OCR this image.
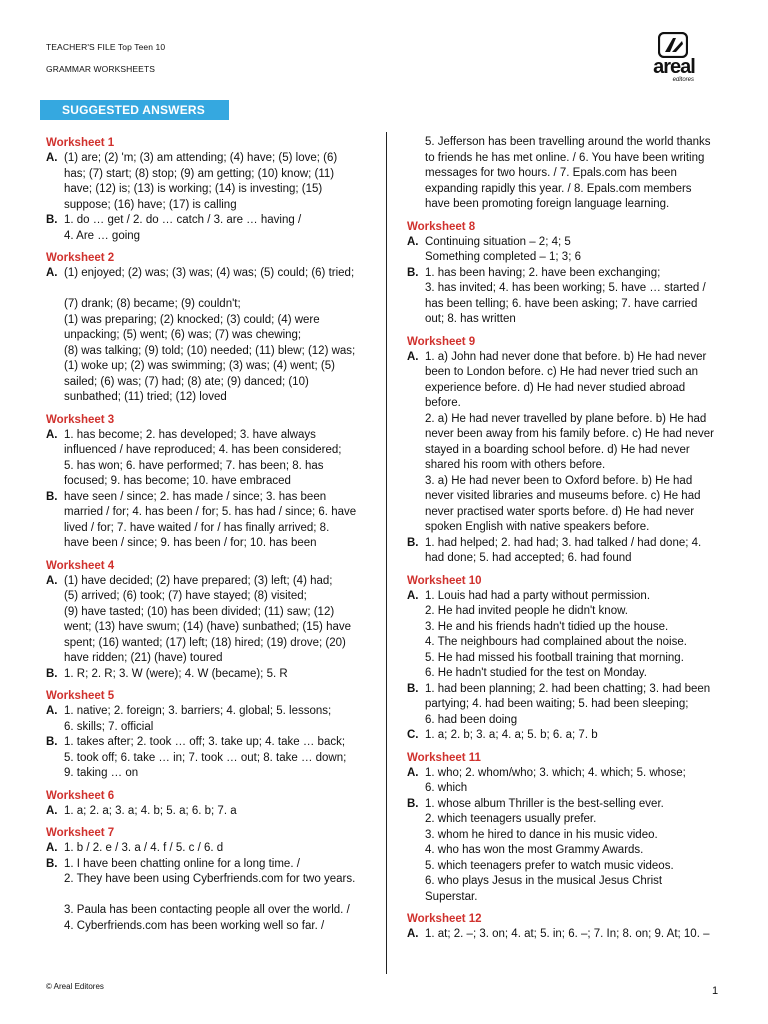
TEACHER'S FILE Top Teen 10
GRAMMAR WORKSHEETS	areal
editores
SUGGESTED ANSWERS
Worksheet 1
A. (1) are; (2) 'm; (3) am attending; (4) have; (5) love; (6)
has; (7) start; (8) stop; (9) am getting; (10) know; (11)
have; (12) is; (13) is working; (14) is investing; (15)
suppose; (16) have; (17) is calling
B. 1. do … get / 2. do … catch / 3. are … having /
4. Are … going
Worksheet 2
A. (1) enjoyed; (2) was; (3) was; (4) was; (5) could; (6) tried;
(7) drank; (8) became; (9) couldn't;
(1) was preparing; (2) knocked; (3) could; (4) were
unpacking; (5) went; (6) was; (7) was chewing;
(8) was talking; (9) told; (10) needed; (11) blew; (12) was;
(1) woke up; (2) was swimming; (3) was; (4) went; (5)
sailed; (6) was; (7) had; (8) ate; (9) danced; (10)
sunbathed; (11) tried; (12) loved
Worksheet 3
A. 1. has become; 2. has developed; 3. have always
influenced / have reproduced; 4. has been considered;
5. has won; 6. have performed; 7. has been; 8. has
focused; 9. has become; 10. have embraced
B. have seen / since; 2. has made / since; 3. has been
married / for; 4. has been / for; 5. has had / since; 6. have
lived / for; 7. have waited / for / has finally arrived; 8.
have been / since; 9. has been / for; 10. has been
Worksheet 4
A. (1) have decided; (2) have prepared; (3) left; (4) had;
(5) arrived; (6) took; (7) have stayed; (8) visited;
(9) have tasted; (10) has been divided; (11) saw; (12)
went; (13) have swum; (14) (have) sunbathed; (15) have
spent; (16) wanted; (17) left; (18) hired; (19) drove; (20)
have ridden; (21) (have) toured
B. 1. R; 2. R; 3. W (were); 4. W (became); 5. R
Worksheet 5
A. 1. native; 2. foreign; 3. barriers; 4. global; 5. lessons;
6. skills; 7. official
B. 1. takes after; 2. took … off; 3. take up; 4. take … back;
5. took off; 6. take … in; 7. took … out; 8. take … down;
9. taking … on
Worksheet 6
A. 1. a; 2. a; 3. a; 4. b; 5. a; 6. b; 7. a
Worksheet 7
A. 1. b / 2. e / 3. a / 4. f / 5. c / 6. d
B. 1. I have been chatting online for a long time. /
2. They have been using Cyberfriends.com for two years.
3. Paula has been contacting people all over the world. /
4. Cyberfriends.com has been working well so far. /
5. Jefferson has been travelling around the world thanks
to friends he has met online. / 6. You have been writing
messages for two hours. / 7. Epals.com has been
expanding rapidly this year. / 8. Epals.com members
have been promoting foreign language learning.
Worksheet 8
A. Continuing situation – 2; 4; 5
Something completed – 1; 3; 6
B. 1. has been having; 2. have been exchanging;
3. has invited; 4. has been working; 5. have … started /
has been telling; 6. have been asking; 7. have carried
out; 8. has written
Worksheet 9
A. 1. a) John had never done that before. b) He had never
been to London before. c) He had never tried such an
experience before. d) He had never studied abroad
before.
2. a) He had never travelled by plane before. b) He had
never been away from his family before. c) He had never
stayed in a boarding school before. d) He had never
shared his room with others before.
3. a) He had never been to Oxford before. b) He had
never visited libraries and museums before. c) He had
never practised water sports before. d) He had never
spoken English with native speakers before.
B. 1. had helped; 2. had had; 3. had talked / had done; 4.
had done; 5. had accepted; 6. had found
Worksheet 10
A. 1. Louis had had a party without permission.
2. He had invited people he didn't know.
3. He and his friends hadn't tidied up the house.
4. The neighbours had complained about the noise.
5. He had missed his football training that morning.
6. He hadn't studied for the test on Monday.
B. 1. had been planning; 2. had been chatting; 3. had been
partying; 4. had been waiting; 5. had been sleeping;
6. had been doing
C. 1. a; 2. b; 3. a; 4. a; 5. b; 6. a; 7. b
Worksheet 11
A. 1. who; 2. whom/who; 3. which; 4. which; 5. whose;
6. which
B. 1. whose album Thriller is the best-selling ever.
2. which teenagers usually prefer.
3. whom he hired to dance in his music video.
4. who has won the most Grammy Awards.
5. which teenagers prefer to watch music videos.
6. who plays Jesus in the musical Jesus Christ
Superstar.
Worksheet 12
A. 1. at; 2. –; 3. on; 4. at; 5. in; 6. –; 7. In; 8. on; 9. At; 10. –
© Areal Editores	1
